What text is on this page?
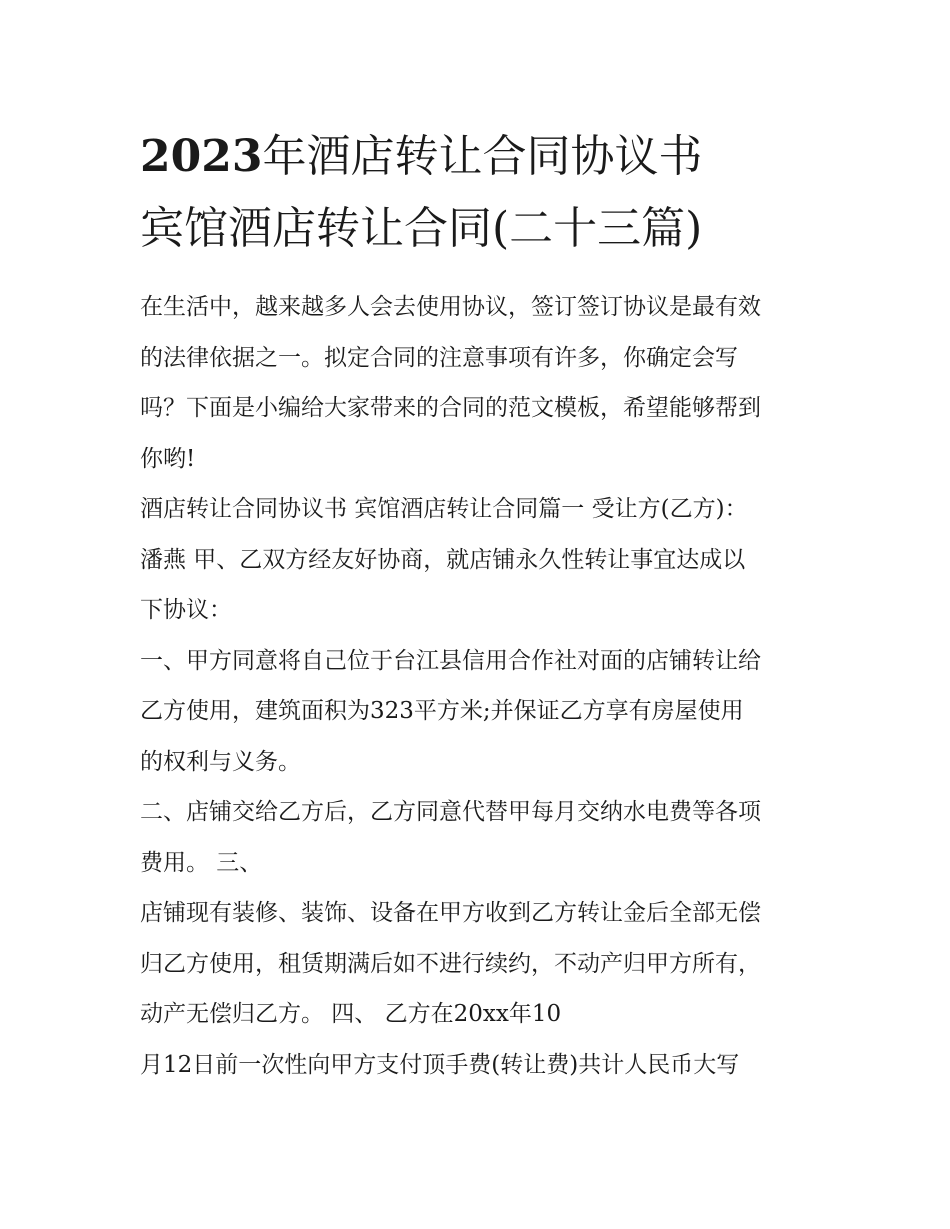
2023年酒店转让合同协议书
宾馆酒店转让合同(二十三篇)

在生活中，越来越多人会去使用协议，签订签订协议是最有效

的法律依据之一。拟定合同的注意事项有许多，你确定会写

吗？下面是小编给大家带来的合同的范文模板，希望能够帮到

你哟!

酒店转让合同协议书 宾馆酒店转让合同篇一 受让方(乙方)：

潘燕 甲、乙双方经友好协商，就店铺永久性转让事宜达成以

下协议：

一、甲方同意将自己位于台江县信用合作社对面的店铺转让给

乙方使用，建筑面积为323平方米;并保证乙方享有房屋使用

的权利与义务。

二、店铺交给乙方后，乙方同意代替甲每月交纳水电费等各项

费用。 三、

店铺现有装修、装饰、设备在甲方收到乙方转让金后全部无偿

归乙方使用，租赁期满后如不进行续约，不动产归甲方所有，

动产无偿归乙方。 四、 乙方在20xx年10

月12日前一次性向甲方支付顶手费(转让费)共计人民币大写
